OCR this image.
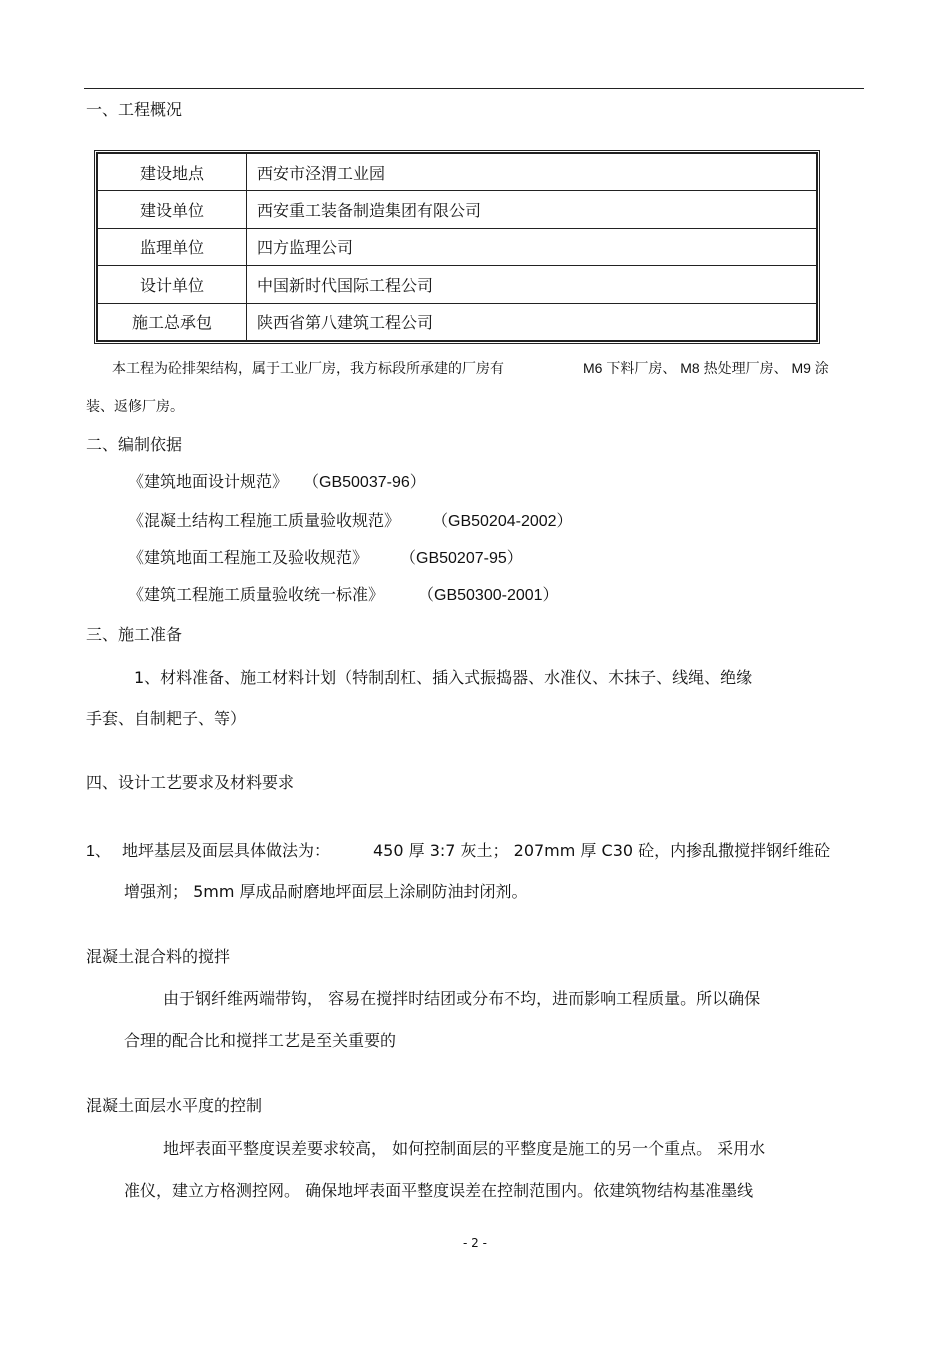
一、工程概况
建设地点	西安市泾渭工业园
建设单位	西安重工装备制造集团有限公司
监理单位	四方监理公司
设计单位	中国新时代国际工程公司
施工总承包	陕西省第八建筑工程公司
本工程为砼排架结构，属于工业厂房，我方标段所承建的厂房有	M6 下料厂房、 M8 热处理厂房、 M9 涂
装、返修厂房。
二、编制依据
《建筑地面设计规范》 （GB50037-96）
《混凝土结构工程施工质量验收规范》 （GB50204-2002）
《建筑地面工程施工及验收规范》 （GB50207-95）
《建筑工程施工质量验收统一标准》 （GB50300-2001）
三、施工准备
1、材料准备、施工材料计划（特制刮杠、插入式振捣器、水准仪、木抹子、线绳、绝缘
手套、自制耙子、等）
四、设计工艺要求及材料要求
1、 地坪基层及面层具体做法为：	450 厚 3:7 灰土； 207mm 厚 C30 砼，内掺乱撒搅拌钢纤维砼
增强剂； 5mm 厚成品耐磨地坪面层上涂刷防油封闭剂。
混凝土混合料的搅拌
由于钢纤维两端带钩， 容易在搅拌时结团或分布不均，进而影响工程质量。所以确保
合理的配合比和搅拌工艺是至关重要的
混凝土面层水平度的控制
地坪表面平整度误差要求较高， 如何控制面层的平整度是施工的另一个重点。 采用水
准仪，建立方格测控网。 确保地坪表面平整度误差在控制范围内。依建筑物结构基准墨线
- 2 -
